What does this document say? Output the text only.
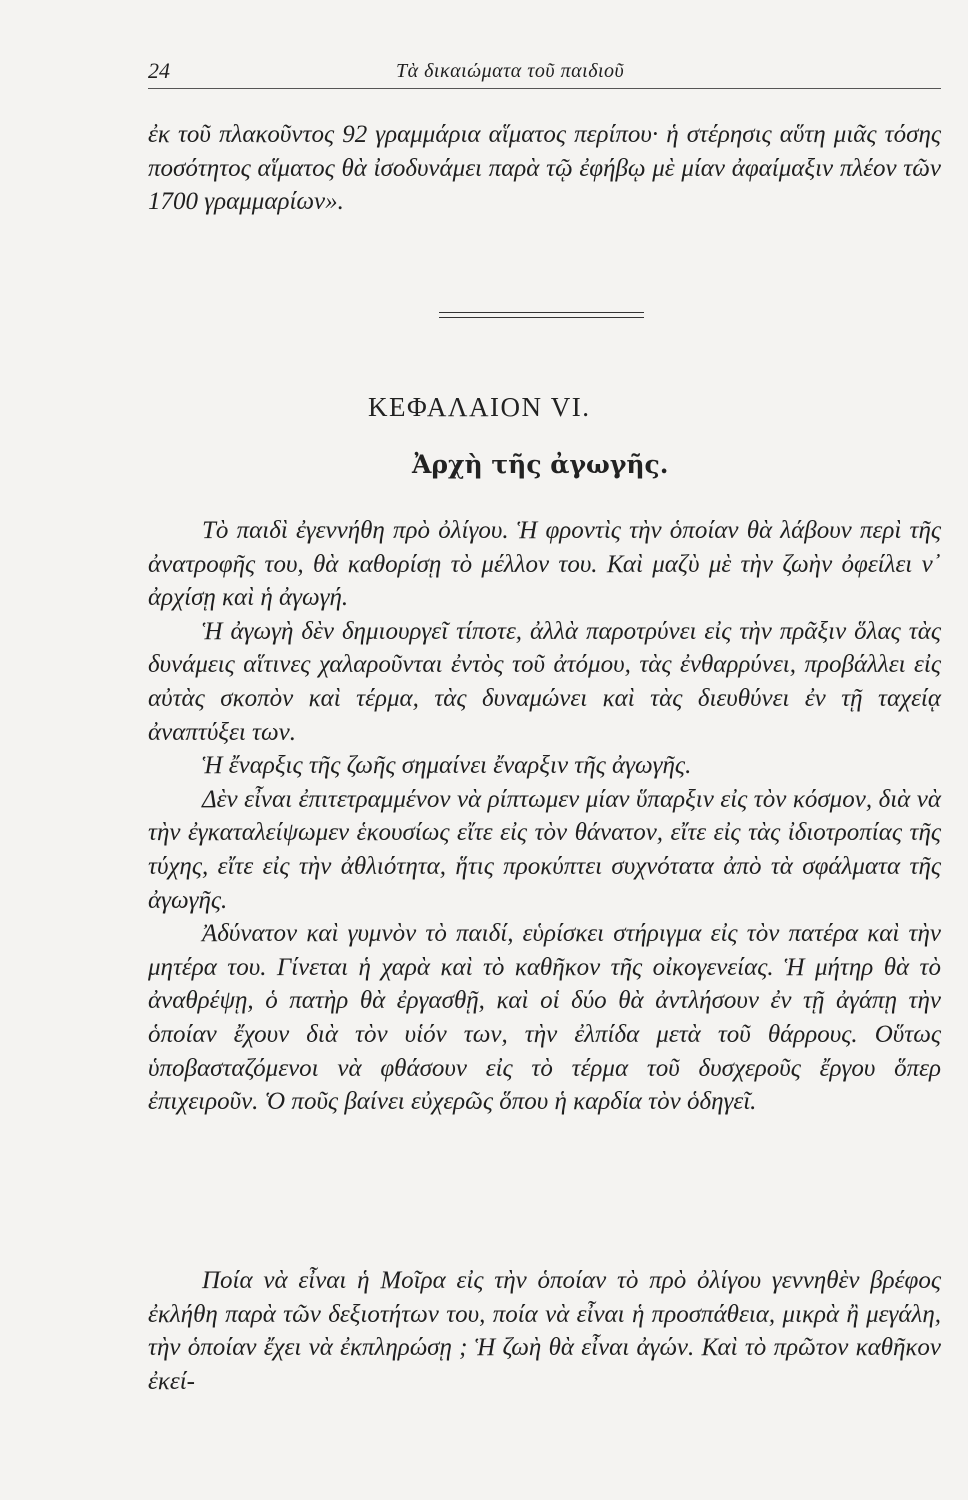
24	Τὰ δικαιώματα τοῦ παιδιοῦ

ἐκ τοῦ πλακοῦντος 92 γραμμάρια αἵματος περίπου· ἡ στέρησις αὕτη μιᾶς τόσης ποσότητος αἵματος θὰ ἰσοδυνάμει παρὰ τῷ ἐφήβῳ μὲ μίαν ἀφαίμαξιν πλέον τῶν 1700 γραμμαρίων».

ΚΕΦΑΛΑΙΟΝ VI.
Ἀρχὴ τῆς ἀγωγῆς.

Τὸ παιδὶ ἐγεννήθη πρὸ ὀλίγου. Ἡ φροντὶς τὴν ὁποίαν θὰ λάβουν περὶ τῆς ἀνατροφῆς του, θὰ καθορίσῃ τὸ μέλλον του. Καὶ μαζὺ μὲ τὴν ζωὴν ὀφείλει ν᾿ ἀρχίσῃ καὶ ἡ ἀγωγή.

Ἡ ἀγωγὴ δὲν δημιουργεῖ τίποτε, ἀλλὰ παροτρύνει εἰς τὴν πρᾶξιν ὅλας τὰς δυνάμεις αἵτινες χαλαροῦνται ἐντὸς τοῦ ἀτόμου, τὰς ἐνθαρρύνει, προβάλλει εἰς αὐτὰς σκοπὸν καὶ τέρμα, τὰς δυναμώνει καὶ τὰς διευθύνει ἐν τῇ ταχείᾳ ἀναπτύξει των.

Ἡ ἔναρξις τῆς ζωῆς σημαίνει ἔναρξιν τῆς ἀγωγῆς.

Δὲν εἶναι ἐπιτετραμμένον νὰ ρίπτωμεν μίαν ὕπαρξιν εἰς τὸν κόσμον, διὰ νὰ τὴν ἐγκαταλείψωμεν ἑκουσίως εἴτε εἰς τὸν θάνατον, εἴτε εἰς τὰς ἰδιοτροπίας τῆς τύχης, εἴτε εἰς τὴν ἀθλιότητα, ἥτις προκύπτει συχνότατα ἀπὸ τὰ σφάλματα τῆς ἀγωγῆς.

Ἀδύνατον καὶ γυμνὸν τὸ παιδί, εὑρίσκει στήριγμα εἰς τὸν πατέρα καὶ τὴν μητέρα του. Γίνεται ἡ χαρὰ καὶ τὸ καθῆκον τῆς οἰκογενείας. Ἡ μήτηρ θὰ τὸ ἀναθρέψῃ, ὁ πατὴρ θὰ ἐργασθῇ, καὶ οἱ δύο θὰ ἀντλήσουν ἐν τῇ ἀγάπῃ τὴν ὁποίαν ἔχουν διὰ τὸν υἱόν των, τὴν ἐλπίδα μετὰ τοῦ θάρρους. Οὕτως ὑποβασταζόμενοι νὰ φθάσουν εἰς τὸ τέρμα τοῦ δυσχεροῦς ἔργου ὅπερ ἐπιχειροῦν. Ὁ ποῦς βαίνει εὐχερῶς ὅπου ἡ καρδία τὸν ὁδηγεῖ.

Ποία νὰ εἶναι ἡ Μοῖρα εἰς τὴν ὁποίαν τὸ πρὸ ὀλίγου γεννηθὲν βρέφος ἐκλήθη παρὰ τῶν δεξιοτήτων του, ποία νὰ εἶναι ἡ προσπάθεια, μικρὰ ἢ μεγάλη, τὴν ὁποίαν ἔχει νὰ ἐκπληρώσῃ ; Ἡ ζωὴ θὰ εἶναι ἀγών. Καὶ τὸ πρῶτον καθῆκον ἐκεί-
